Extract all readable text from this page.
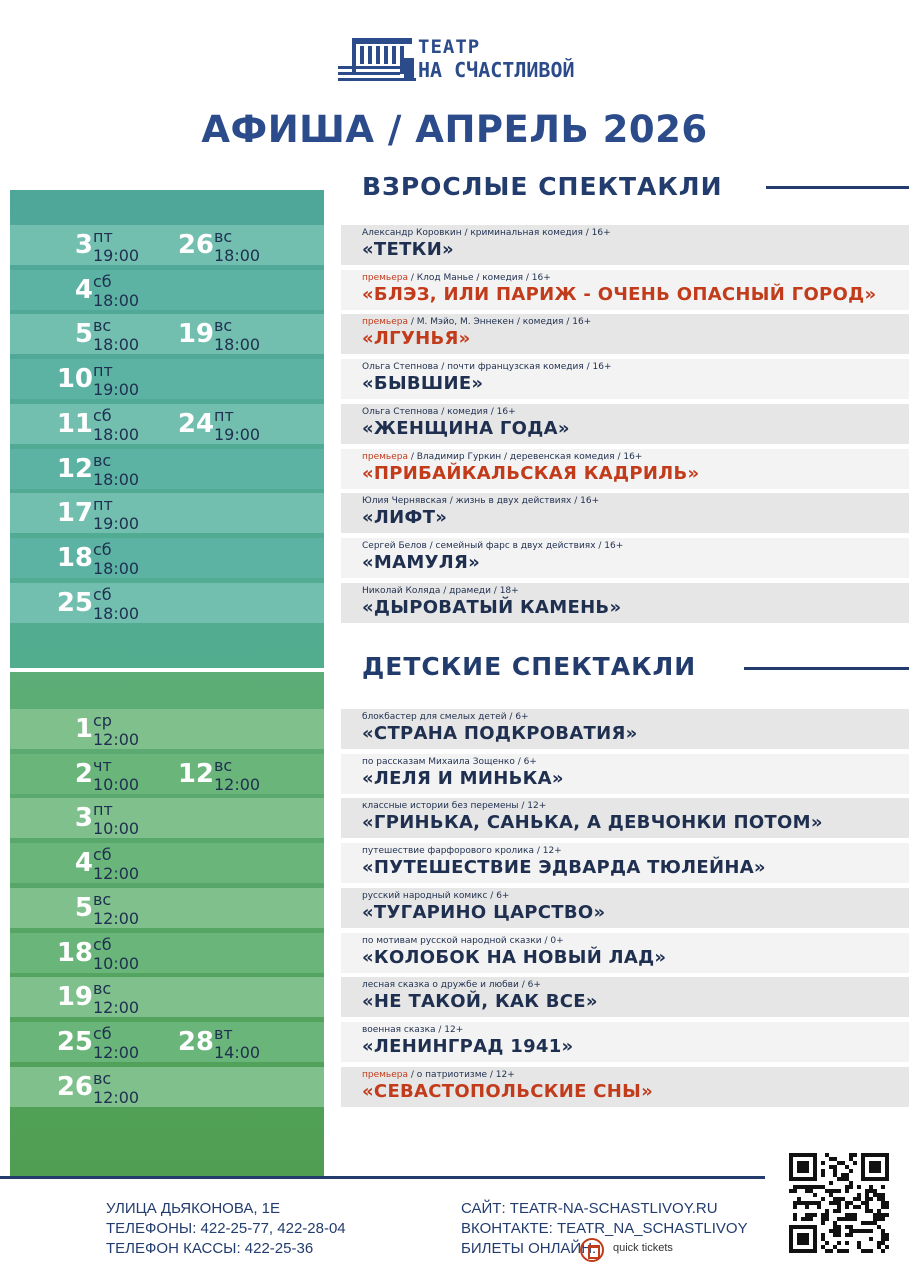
ТЕАТР
НА СЧАСТЛИВОЙ
АФИША / АПРЕЛЬ 2026
ВЗРОСЛЫЕ СПЕКТАКЛИ
3 пт
19:00 26 вс
18:00
Александр Коровкин / криминальная комедия / 16+
«ТЕТКИ»
4 сб
18:00
премьера / Клод Манье / комедия / 16+
«БЛЭЗ, ИЛИ ПАРИЖ - ОЧЕНЬ ОПАСНЫЙ ГОРОД»
5 вс
18:00 19 вс
18:00
премьера / М. Мэйо, М. Эннекен / комедия / 16+
«ЛГУНЬЯ»
10 пт
19:00
Ольга Степнова / почти французская комедия / 16+
«БЫВШИЕ»
11 сб
18:00 24 пт
19:00
Ольга Степнова / комедия / 16+
«ЖЕНЩИНА ГОДА»
12 вс
18:00
премьера / Владимир Гуркин / деревенская комедия / 16+
«ПРИБАЙКАЛЬСКАЯ КАДРИЛЬ»
17 пт
19:00
Юлия Чернявская / жизнь в двух действиях / 16+
«ЛИФТ»
18 сб
18:00
Сергей Белов / семейный фарс в двух действиях / 16+
«МАМУЛЯ»
25 сб
18:00
Николай Коляда / драмеди / 18+
«ДЫРОВАТЫЙ КАМЕНЬ»
ДЕТСКИЕ СПЕКТАКЛИ
1 ср
12:00
блокбастер для смелых детей / 6+
«СТРАНА ПОДКРОВАТИЯ»
2 чт
10:00 12 вс
12:00
по рассказам Михаила Зощенко / 6+
«ЛЕЛЯ И МИНЬКА»
3 пт
10:00
классные истории без перемены / 12+
«ГРИНЬКА, САНЬКА, А ДЕВЧОНКИ ПОТОМ»
4 сб
12:00
путешествие фарфорового кролика / 12+
«ПУТЕШЕСТВИЕ ЭДВАРДА ТЮЛЕЙНА»
5 вс
12:00
русский народный комикс / 6+
«ТУГАРИНО ЦАРСТВО»
18 сб
10:00
по мотивам русской народной сказки / 0+
«КОЛОБОК НА НОВЫЙ ЛАД»
19 вс
12:00
лесная сказка о дружбе и любви / 6+
«НЕ ТАКОЙ, КАК ВСЕ»
25 сб
12:00 28 вт
14:00
военная сказка / 12+
«ЛЕНИНГРАД 1941»
26 вс
12:00
премьера / о патриотизме / 12+
«СЕВАСТОПОЛЬСКИЕ СНЫ»
УЛИЦА ДЬЯКОНОВА, 1Е
ТЕЛЕФОНЫ: 422-25-77, 422-28-04
ТЕЛЕФОН КАССЫ: 422-25-36
САЙТ: TEATR-NA-SCHASTLIVOY.RU
ВКОНТАКТЕ: TEATR_NA_SCHASTLIVOY
БИЛЕТЫ ОНЛАЙН:	quick tickets
